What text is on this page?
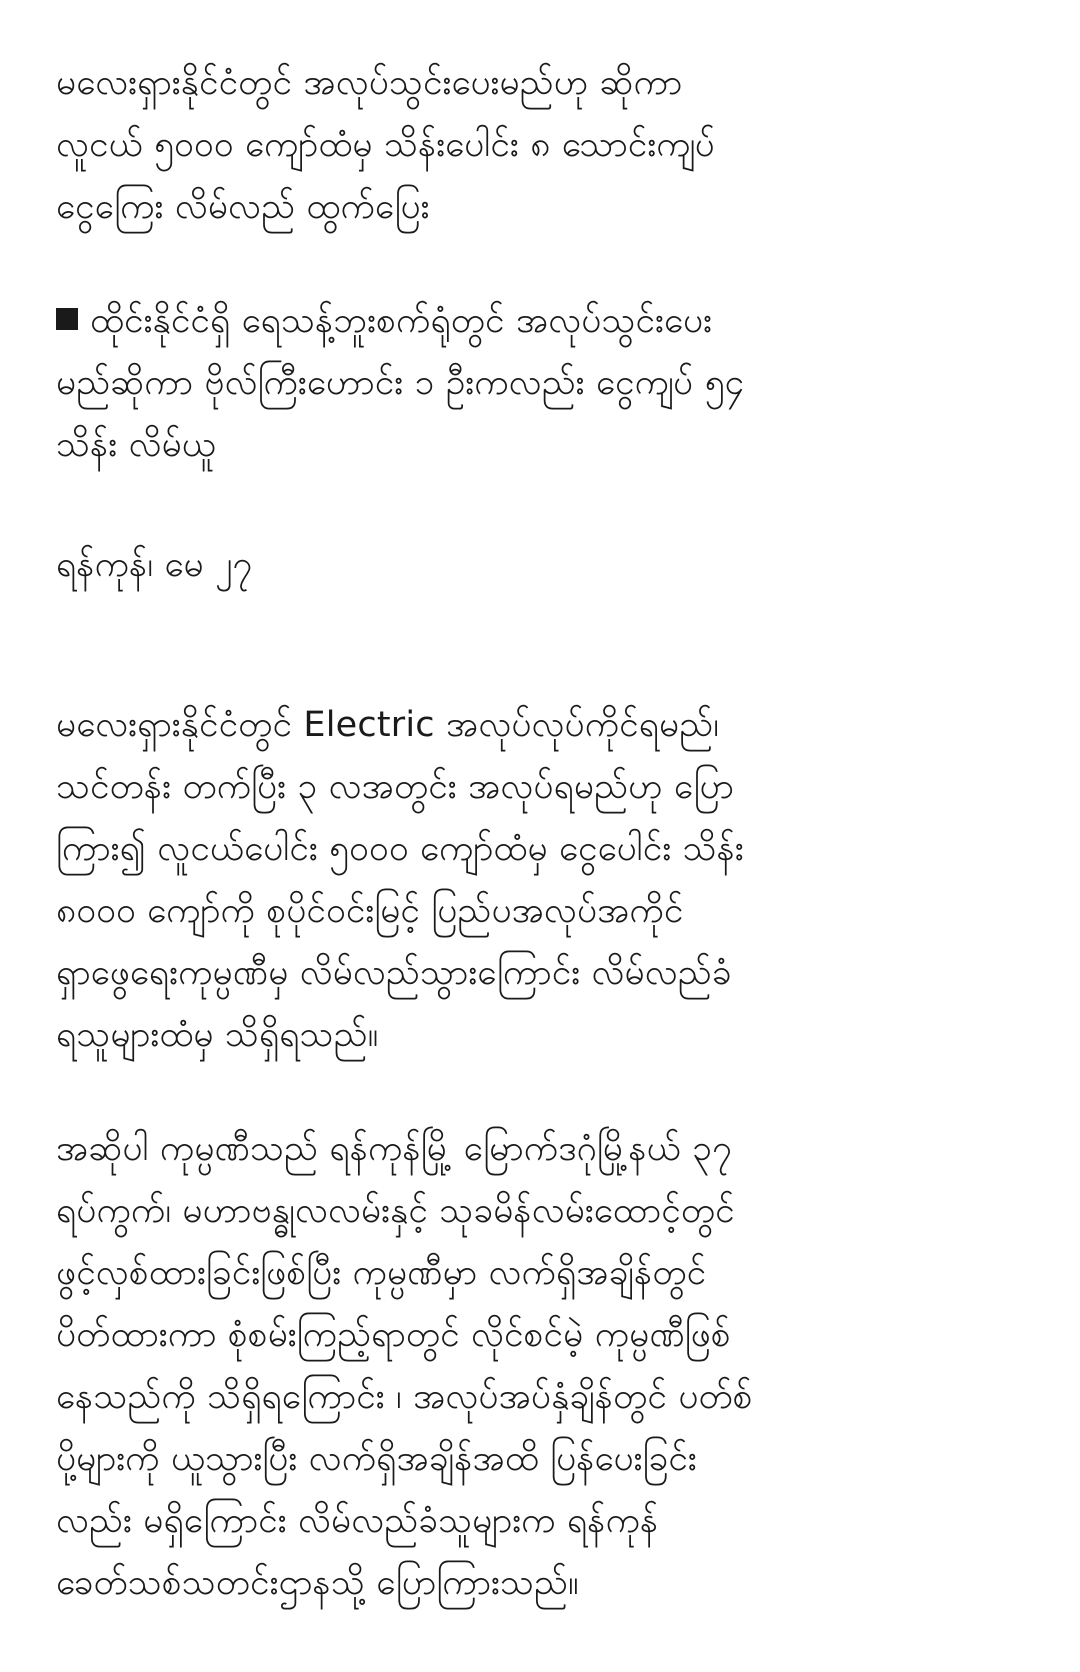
မလေးရှားနိုင်ငံတွင် အလုပ်သွင်းပေးမည်ဟု ဆိုကာ
လူငယ် ၅၀၀၀ ကျော်ထံမှ သိန်းပေါင်း ၈ သောင်းကျပ်
ငွေကြေး လိမ်လည် ထွက်ပြေး

ထိုင်းနိုင်ငံရှိ ရေသန့်ဘူးစက်ရုံတွင် အလုပ်သွင်းပေး
မည်ဆိုကာ ဗိုလ်ကြီးဟောင်း ၁ ဦးကလည်း ငွေကျပ် ၅၄
သိန်း လိမ်ယူ

ရန်ကုန်၊ မေ ၂၇

မလေးရှားနိုင်ငံတွင် Electric အလုပ်လုပ်ကိုင်ရမည်၊
သင်တန်း တက်ပြီး ၃ လအတွင်း အလုပ်ရမည်ဟု ပြော
ကြား၍ လူငယ်ပေါင်း ၅၀၀၀ ကျော်ထံမှ ငွေပေါင်း သိန်း
၈၀၀၀ ကျော်ကို စုပိုင်ဝင်းမြင့် ပြည်ပအလုပ်အကိုင်
ရှာဖွေရေးကုမ္ပဏီမှ လိမ်လည်သွားကြောင်း လိမ်လည်ခံ
ရသူများထံမှ သိရှိရသည်။

အဆိုပါ ကုမ္ပဏီသည် ရန်ကုန်မြို့ မြောက်ဒဂုံမြို့နယ် ၃၇
ရပ်ကွက်၊ မဟာဗန္ဓုလလမ်းနှင့် သုခမိန်လမ်းထောင့်တွင်
ဖွင့်လှစ်ထားခြင်းဖြစ်ပြီး ကုမ္ပဏီမှာ လက်ရှိအချိန်တွင်
ပိတ်ထားကာ စုံစမ်းကြည့်ရာတွင် လိုင်စင်မဲ့ ကုမ္ပဏီဖြစ်
နေသည်ကို သိရှိရကြောင်း ၊ အလုပ်အပ်နှံချိန်တွင် ပတ်စ်
ပို့များကို ယူသွားပြီး လက်ရှိအချိန်အထိ ပြန်ပေးခြင်း
လည်း မရှိကြောင်း လိမ်လည်ခံသူများက ရန်ကုန်
ခေတ်သစ်သတင်းဌာနသို့ ပြောကြားသည်။
